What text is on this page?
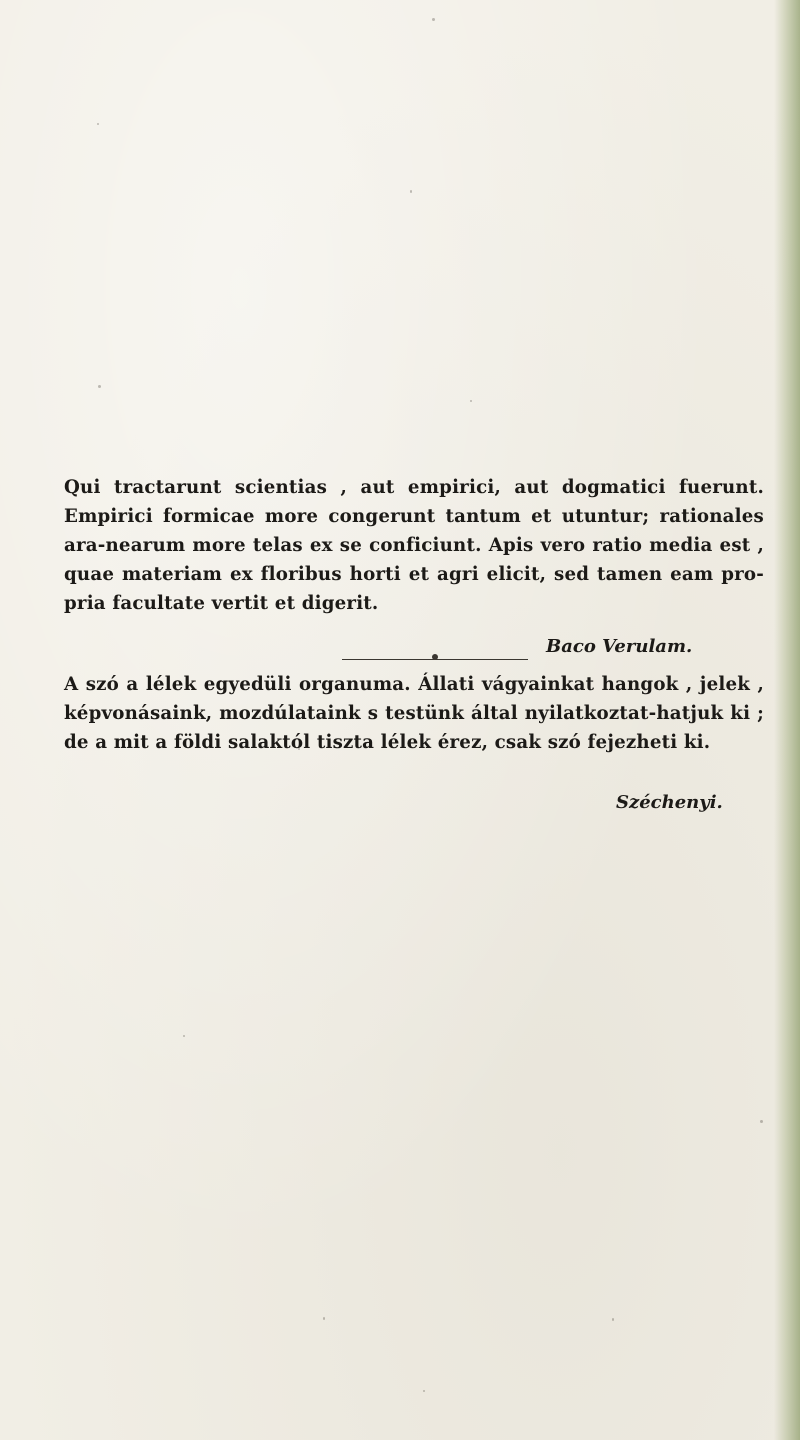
Qui tractarunt scientias , aut empirici, aut dogmatici fuerunt. Empirici formicae more congerunt tantum et utuntur; rationales ara-nearum more telas ex se conficiunt. Apis vero ratio media est , quae materiam ex floribus horti et agri elicit, sed tamen eam pro-pria facultate vertit et digerit.

Baco Verulam.

A szó a lélek egyedüli organuma. Állati vágyainkat hangok , jelek , képvonásaink, mozdúlataink s testünk által nyilatkoztat-hatjuk ki ; de a mit a földi salaktól tiszta lélek érez, csak szó fejezheti ki.

Széchenyi.
